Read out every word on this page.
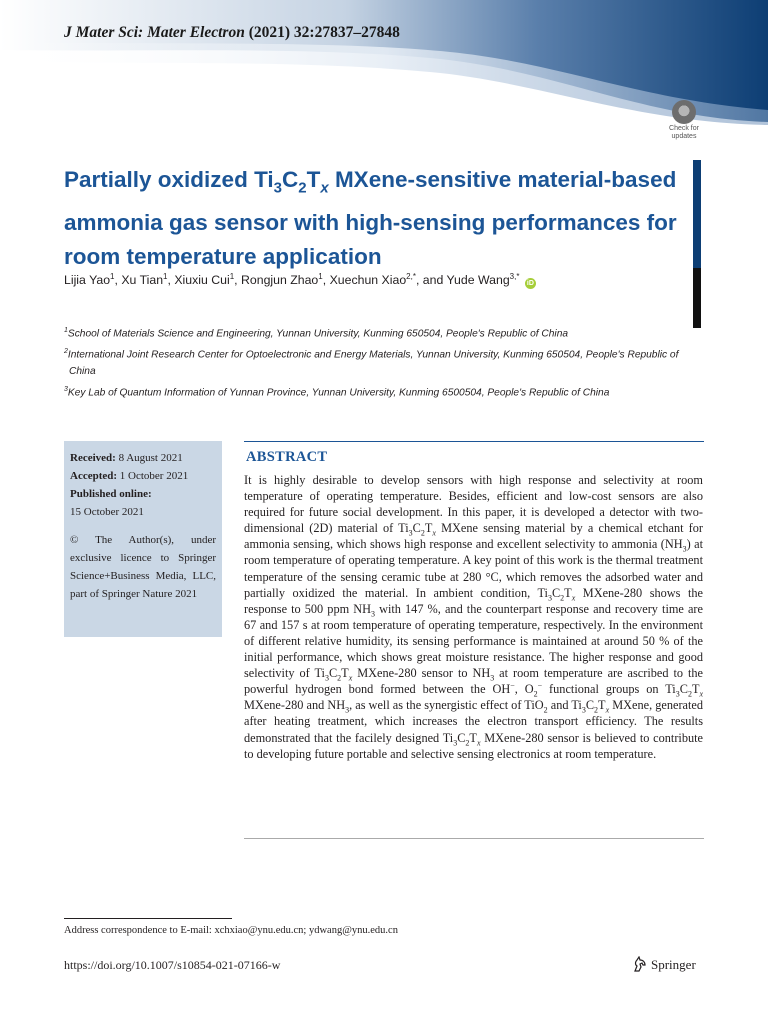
J Mater Sci: Mater Electron (2021) 32:27837–27848
Check for
updates
Partially oxidized $Ti_3C_2T_x$ MXene-sensitive material-based ammonia gas sensor with high-sensing performances for room temperature application
Lijia Yao$^1$, Xu Tian$^1$, Xiuxiu Cui$^1$, Rongjun Zhao$^1$, Xuechun Xiao$^{2,*}$, and Yude Wang$^{3,*}$ iD
$^1$School of Materials Science and Engineering, Yunnan University, Kunming 650504, People's Republic of China
$^2$International Joint Research Center for Optoelectronic and Energy Materials, Yunnan University, Kunming 650504, People's Republic of China
$^3$Key Lab of Quantum Information of Yunnan Province, Yunnan University, Kunming 6500504, People's Republic of China
Received: 8 August 2021
Accepted: 1 October 2021
Published online:
15 October 2021
© The Author(s), under exclusive licence to Springer Science+Business Media, LLC, part of Springer Nature 2021
ABSTRACT

It is highly desirable to develop sensors with high response and selectivity at room temperature of operating temperature. Besides, efficient and low-cost sensors are also required for future social development. In this paper, it is developed a detector with two-dimensional (2D) material of $Ti_3C_2T_x$ MXene sensing material by a chemical etchant for ammonia sensing, which shows high response and excellent selectivity to ammonia $(NH_3)$ at room temperature of operating temperature. A key point of this work is the thermal treatment temperature of the sensing ceramic tube at 280 °C, which removes the adsorbed water and partially oxidized the material. In ambient condition, $Ti_3C_2T_x$ MXene-280 shows the response to 500 ppm $NH_3$ with 147 %, and the counterpart response and recovery time are 67 and 157 s at room temperature of operating temperature, respectively. In the environment of different relative humidity, its sensing performance is maintained at around 50 % of the initial performance, which shows great moisture resistance. The higher response and good selectivity of $Ti_3C_2T_x$ MXene-280 sensor to $NH_3$ at room temperature are ascribed to the powerful hydrogen bond formed between the OH−, $O_2^-$ functional groups on $Ti_3C_2T_x$ MXene-280 and $NH_3$, as well as the synergistic effect of TiO$_2$ and $Ti_3C_2T_x$ MXene, generated after heating treatment, which increases the electron transport efficiency. The results demonstrated that the facilely designed $Ti_3C_2T_x$ MXene-280 sensor is believed to contribute to developing future portable and selective sensing electronics at room temperature.

Address correspondence to E-mail: xchxiao@ynu.edu.cn; ydwang@ynu.edu.cn
https://doi.org/10.1007/s10854-021-07166-w	Springer
